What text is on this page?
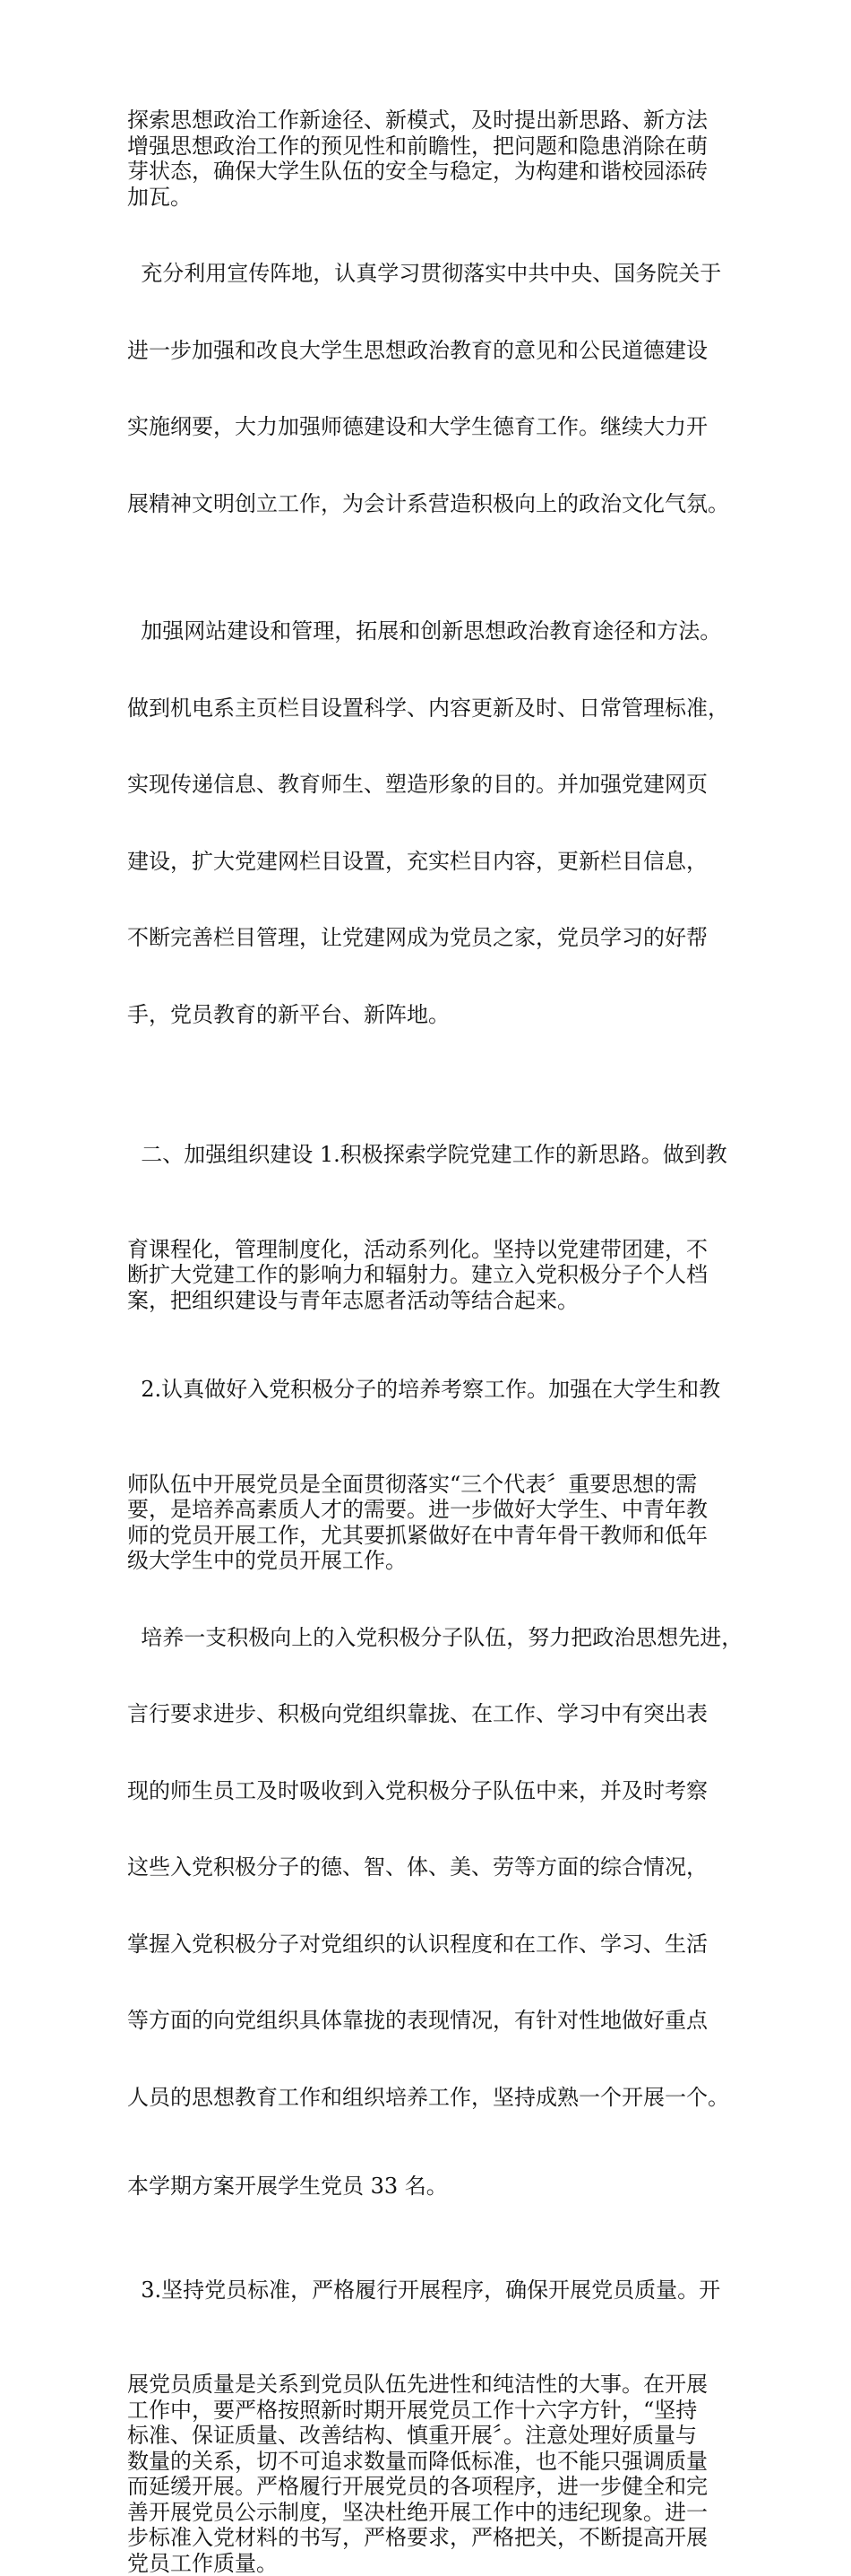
探索思想政治工作新途径、新模式，及时提出新思路、新方法
增强思想政治工作的预见性和前瞻性，把问题和隐患消除在萌
芽状态，确保大学生队伍的安全与稳定，为构建和谐校园添砖
加瓦。

充分利用宣传阵地，认真学习贯彻落实中共中央、国务院关于

进一步加强和改良大学生思想政治教育的意见和公民道德建设

实施纲要，大力加强师德建设和大学生德育工作。继续大力开

展精神文明创立工作，为会计系营造积极向上的政治文化气氛。

加强网站建设和管理，拓展和创新思想政治教育途径和方法。

做到机电系主页栏目设置科学、内容更新及时、日常管理标准，

实现传递信息、教育师生、塑造形象的目的。并加强党建网页

建设，扩大党建网栏目设置，充实栏目内容，更新栏目信息，

不断完善栏目管理，让党建网成为党员之家，党员学习的好帮

手，党员教育的新平台、新阵地。

二、加强组织建设 1.积极探索学院党建工作的新思路。做到教

育课程化，管理制度化，活动系列化。坚持以党建带团建，不
断扩大党建工作的影响力和辐射力。建立入党积极分子个人档
案，把组织建设与青年志愿者活动等结合起来。

2.认真做好入党积极分子的培养考察工作。加强在大学生和教

师队伍中开展党员是全面贯彻落实“三个代表〞重要思想的需
要，是培养高素质人才的需要。进一步做好大学生、中青年教
师的党员开展工作，尤其要抓紧做好在中青年骨干教师和低年
级大学生中的党员开展工作。

培养一支积极向上的入党积极分子队伍，努力把政治思想先进，

言行要求进步、积极向党组织靠拢、在工作、学习中有突出表

现的师生员工及时吸收到入党积极分子队伍中来，并及时考察

这些入党积极分子的德、智、体、美、劳等方面的综合情况，

掌握入党积极分子对党组织的认识程度和在工作、学习、生活

等方面的向党组织具体靠拢的表现情况，有针对性地做好重点

人员的思想教育工作和组织培养工作，坚持成熟一个开展一个。

本学期方案开展学生党员 33 名。

3.坚持党员标准，严格履行开展程序，确保开展党员质量。开

展党员质量是关系到党员队伍先进性和纯洁性的大事。在开展
工作中，要严格按照新时期开展党员工作十六字方针，“坚持
标准、保证质量、改善结构、慎重开展〞。注意处理好质量与
数量的关系，切不可追求数量而降低标准，也不能只强调质量
而延缓开展。严格履行开展党员的各项程序，进一步健全和完
善开展党员公示制度，坚决杜绝开展工作中的违纪现象。进一
步标准入党材料的书写，严格要求，严格把关，不断提高开展
党员工作质量。
